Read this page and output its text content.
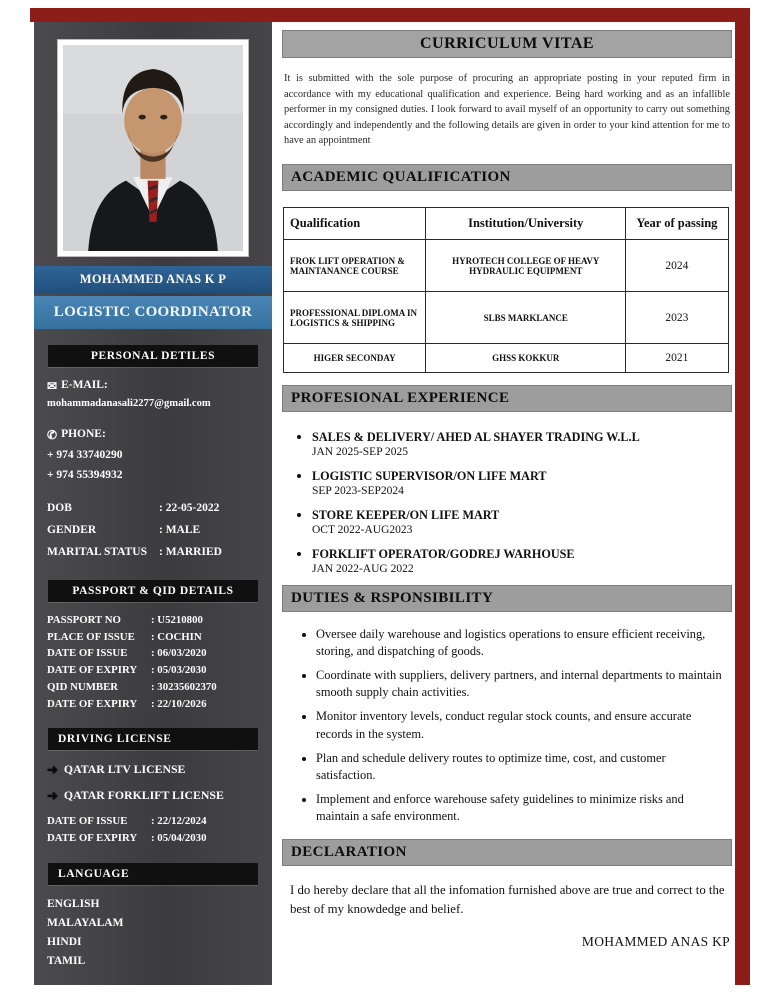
MOHAMMED ANAS K P
LOGISTIC COORDINATOR
PERSONAL DETILES
✉ E-MAIL:
mohammadanasali2277@gmail.com
✆ PHONE:
+ 974 33740290
+ 974 55394932
DOB	: 22-05-2022
GENDER	: MALE
MARITAL STATUS	: MARRIED
PASSPORT & QID DETAILS
PASSPORT NO	: U5210800
PLACE OF ISSUE	: COCHIN
DATE OF ISSUE	: 06/03/2020
DATE OF EXPIRY	: 05/03/2030
QID NUMBER	: 30235602370
DATE OF EXPIRY	: 22/10/2026
DRIVING LICENSE
➜ QATAR LTV LICENSE
➜ QATAR FORKLIFT LICENSE
DATE OF ISSUE	: 22/12/2024
DATE OF EXPIRY	: 05/04/2030
LANGUAGE
ENGLISH
MALAYALAM
HINDI
TAMIL
CURRICULUM VITAE

It is submitted with the sole purpose of procuring an appropriate posting in your reputed firm in accordance with my educational qualification and experience. Being hard working and as an infallible performer in my consigned duties. I look forward to avail myself of an opportunity to carry out something accordingly and independently and the following details are given in order to your kind attention for me to have an appointment

ACADEMIC QUALIFICATION
Qualification	Institution/University	Year of passing
FROK LIFT OPERATION & MAINTANANCE COURSE	HYROTECH COLLEGE OF HEAVY HYDRAULIC EQUIPMENT	2024
PROFESSIONAL DIPLOMA IN LOGISTICS & SHIPPING	SLBS MARKLANCE	2023
HIGER SECONDAY	GHSS KOKKUR	2021
PROFESIONAL EXPERIENCE
• SALES & DELIVERY/ AHED AL SHAYER TRADING W.L.L
JAN 2025-SEP 2025
• LOGISTIC SUPERVISOR/ON LIFE MART
SEP 2023-SEP2024
• STORE KEEPER/ON LIFE MART
OCT 2022-AUG2023
• FORKLIFT OPERATOR/GODREJ WARHOUSE
JAN 2022-AUG 2022
DUTIES & RSPONSIBILITY
• Oversee daily warehouse and logistics operations to ensure efficient receiving, storing, and dispatching of goods.
• Coordinate with suppliers, delivery partners, and internal departments to maintain smooth supply chain activities.
• Monitor inventory levels, conduct regular stock counts, and ensure accurate records in the system.
• Plan and schedule delivery routes to optimize time, cost, and customer satisfaction.
• Implement and enforce warehouse safety guidelines to minimize risks and maintain a safe environment.
DECLARATION

I do hereby declare that all the infomation furnished above are true and correct to the best of my knowdedge and belief.

MOHAMMED ANAS KP
